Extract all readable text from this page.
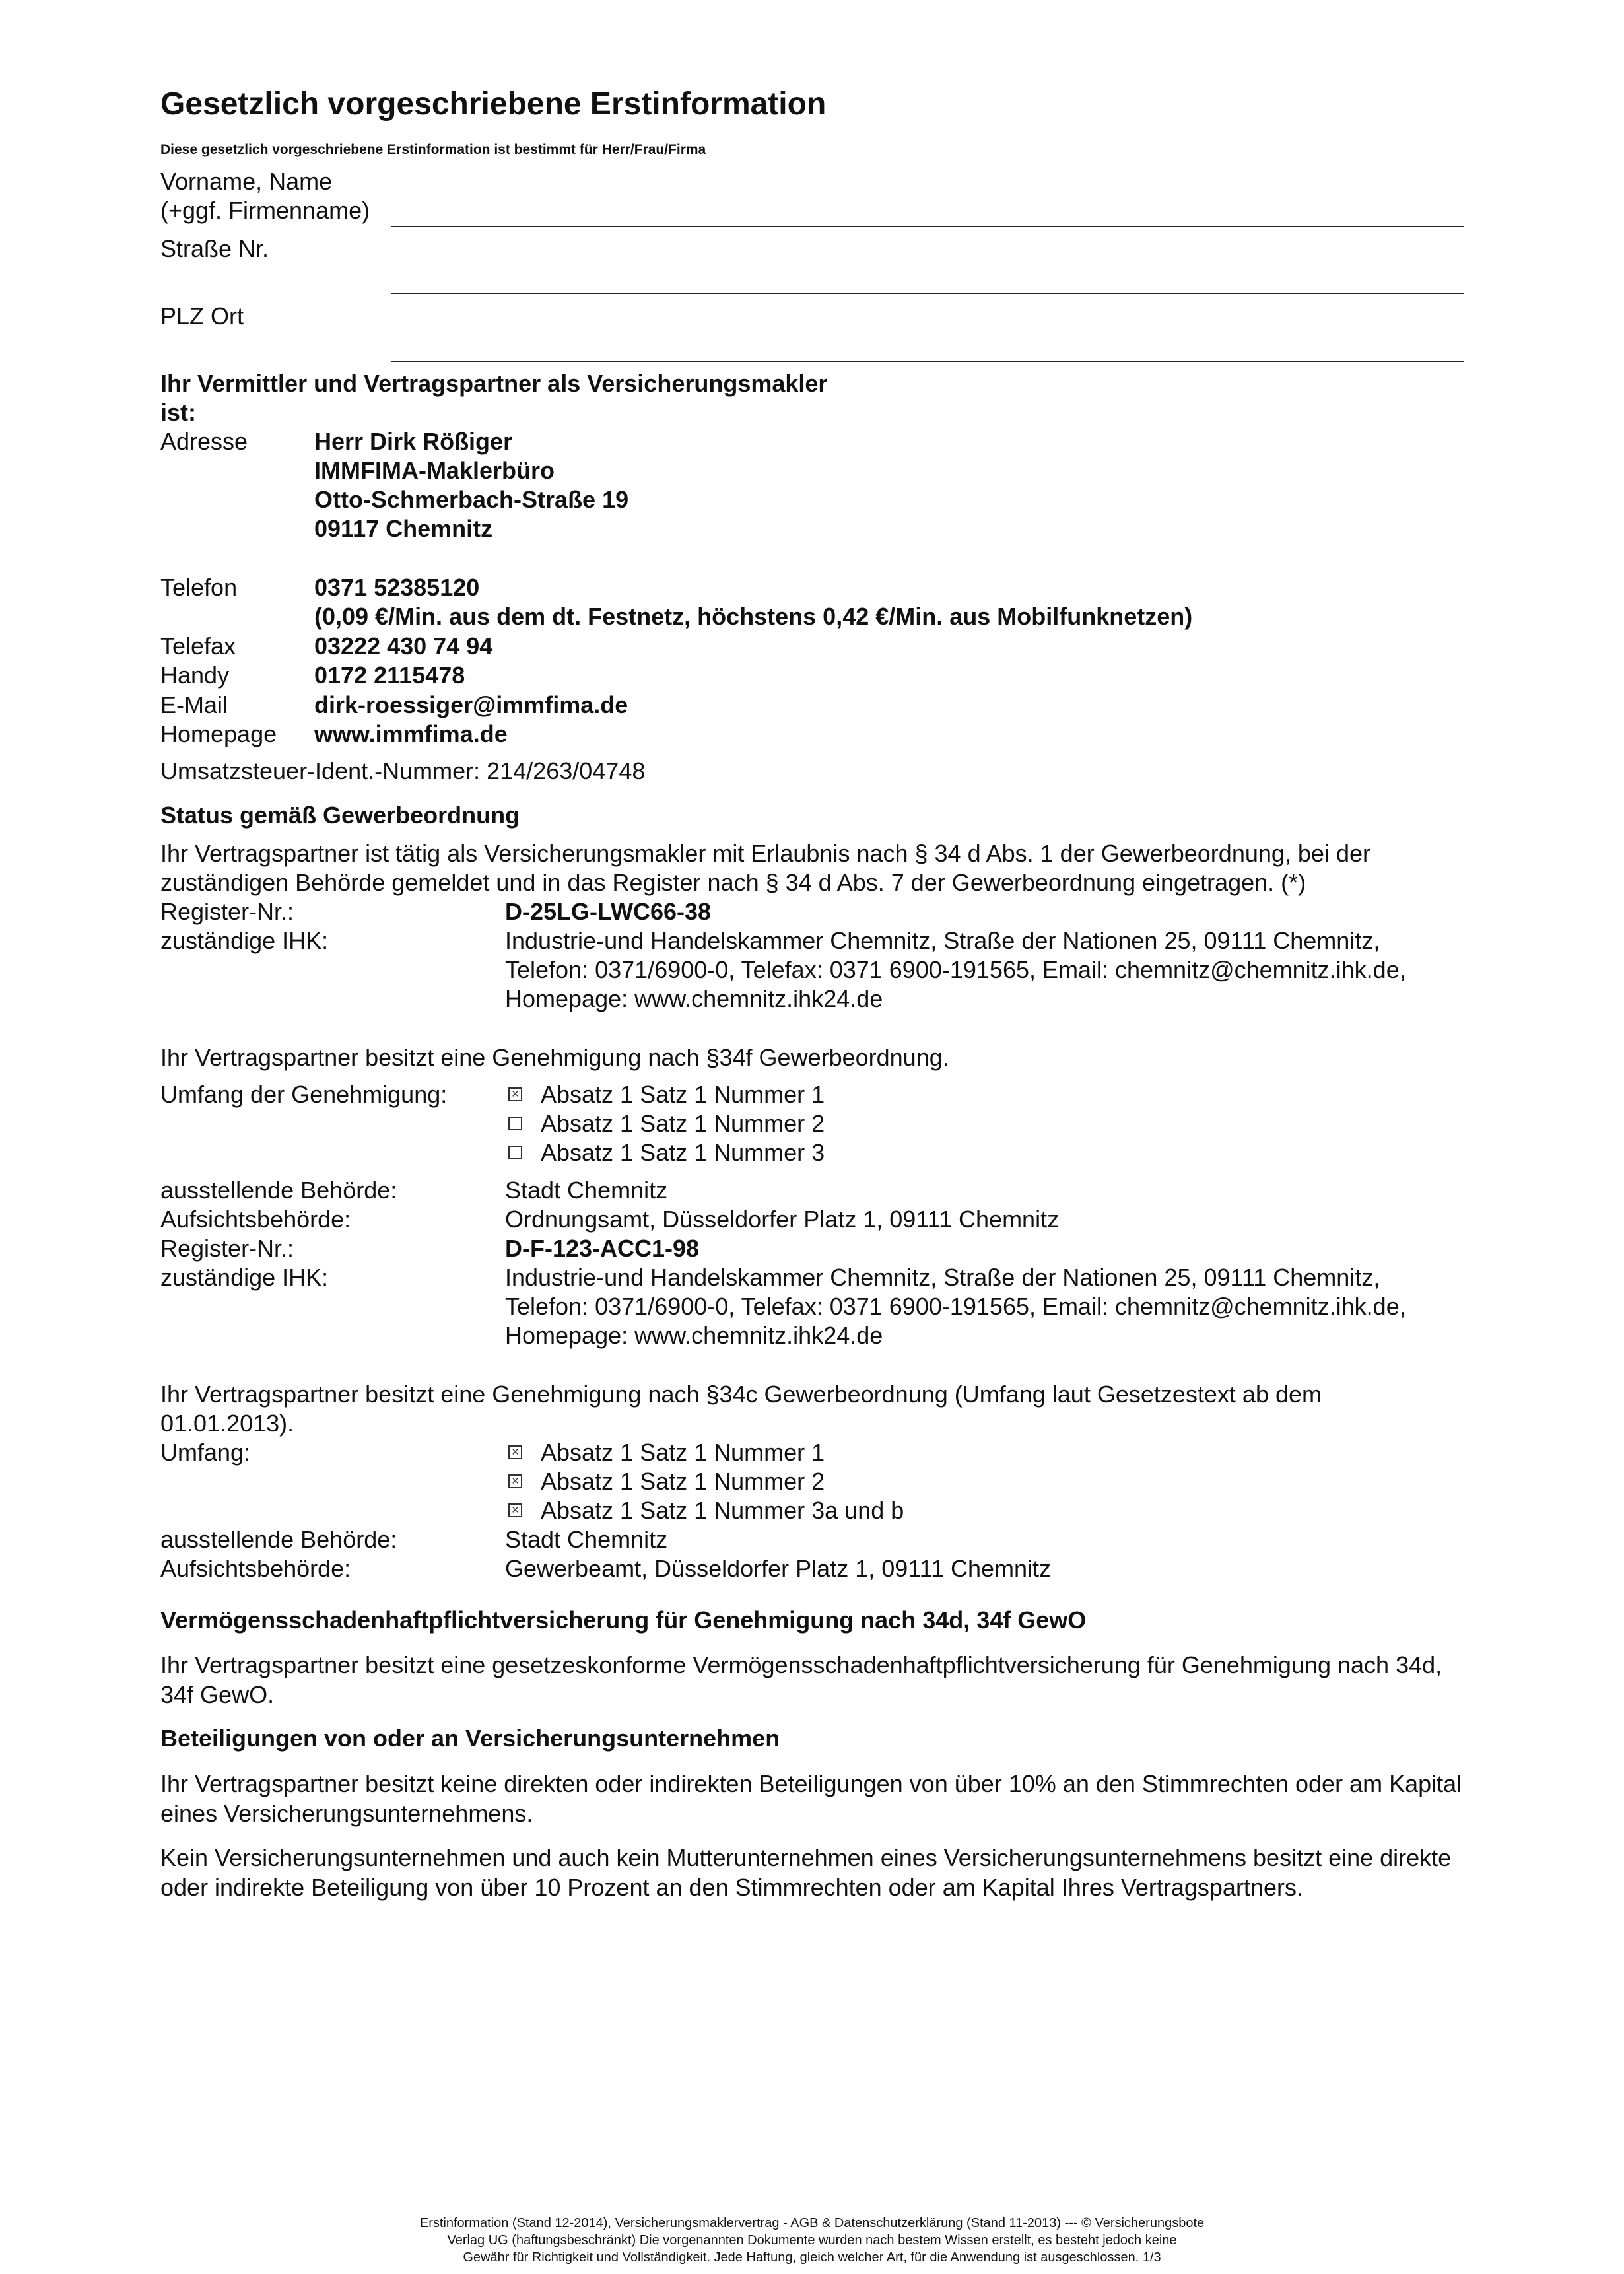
Gesetzlich vorgeschriebene Erstinformation
Diese gesetzlich vorgeschriebene Erstinformation ist bestimmt für Herr/Frau/Firma
Vorname, Name
(+ggf. Firmenname)
Straße Nr.
PLZ Ort
Ihr Vermittler und Vertragspartner als Versicherungsmakler
ist:
Adresse	Herr Dirk Rößiger
IMMFIMA-Maklerbüro
Otto-Schmerbach-Straße 19
09117 Chemnitz
Telefon	0371 52385120
(0,09 €/Min. aus dem dt. Festnetz, höchstens 0,42 €/Min. aus Mobilfunknetzen)
Telefax	03222 430 74 94
Handy	0172 2115478
E-Mail	dirk-roessiger@immfima.de
Homepage www.immfima.de
Umsatzsteuer-Ident.-Nummer: 214/263/04748
Status gemäß Gewerbeordnung
Ihr Vertragspartner ist tätig als Versicherungsmakler mit Erlaubnis nach § 34 d Abs. 1 der Gewerbeordnung, bei der
zuständigen Behörde gemeldet und in das Register nach § 34 d Abs. 7 der Gewerbeordnung eingetragen. (*)
Register-Nr.:	D-25LG-LWC66-38
zuständige IHK:	Industrie-und Handelskammer Chemnitz, Straße der Nationen 25, 09111 Chemnitz,
Telefon: 0371/6900-0, Telefax: 0371 6900-191565, Email: chemnitz@chemnitz.ihk.de,
Homepage: www.chemnitz.ihk24.de
Ihr Vertragspartner besitzt eine Genehmigung nach §34f Gewerbeordnung.
Umfang der Genehmigung:	× Absatz 1 Satz 1 Nummer 1
Absatz 1 Satz 1 Nummer 2
Absatz 1 Satz 1 Nummer 3
ausstellende Behörde:	Stadt Chemnitz
Aufsichtsbehörde:	Ordnungsamt, Düsseldorfer Platz 1, 09111 Chemnitz
Register-Nr.:	D-F-123-ACC1-98
zuständige IHK:	Industrie-und Handelskammer Chemnitz, Straße der Nationen 25, 09111 Chemnitz,
Telefon: 0371/6900-0, Telefax: 0371 6900-191565, Email: chemnitz@chemnitz.ihk.de,
Homepage: www.chemnitz.ihk24.de
Ihr Vertragspartner besitzt eine Genehmigung nach §34c Gewerbeordnung (Umfang laut Gesetzestext ab dem
01.01.2013).
Umfang:	× Absatz 1 Satz 1 Nummer 1
× Absatz 1 Satz 1 Nummer 2
× Absatz 1 Satz 1 Nummer 3a und b
ausstellende Behörde:	Stadt Chemnitz
Aufsichtsbehörde:	Gewerbeamt, Düsseldorfer Platz 1, 09111 Chemnitz
Vermögensschadenhaftpflichtversicherung für Genehmigung nach 34d, 34f GewO
Ihr Vertragspartner besitzt eine gesetzeskonforme Vermögensschadenhaftpflichtversicherung für Genehmigung nach 34d, 34f GewO.
Beteiligungen von oder an Versicherungsunternehmen
Ihr Vertragspartner besitzt keine direkten oder indirekten Beteiligungen von über 10% an den Stimmrechten oder am Kapital eines Versicherungsunternehmens.
Kein Versicherungsunternehmen und auch kein Mutterunternehmen eines Versicherungsunternehmens besitzt eine direkte oder indirekte Beteiligung von über 10 Prozent an den Stimmrechten oder am Kapital Ihres Vertragspartners.
Erstinformation (Stand 12-2014), Versicherungsmaklervertrag - AGB & Datenschutzerklärung (Stand 11-2013) --- © Versicherungsbote
Verlag UG (haftungsbeschränkt) Die vorgenannten Dokumente wurden nach bestem Wissen erstellt, es besteht jedoch keine
Gewähr für Richtigkeit und Vollständigkeit. Jede Haftung, gleich welcher Art, für die Anwendung ist ausgeschlossen. 1/3
